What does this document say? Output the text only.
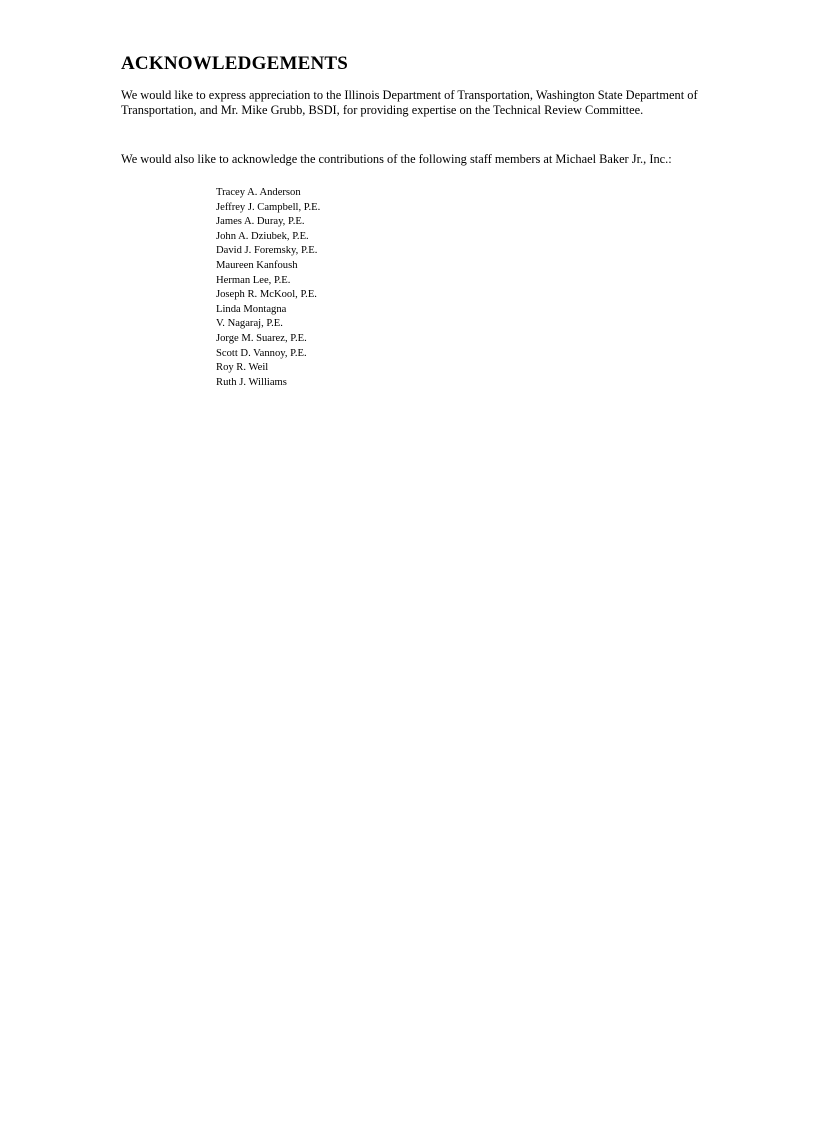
ACKNOWLEDGEMENTS

We would like to express appreciation to the Illinois Department of Transportation, Washington State Department of Transportation, and Mr. Mike Grubb, BSDI, for providing expertise on the Technical Review Committee.

We would also like to acknowledge the contributions of the following staff members at Michael Baker Jr., Inc.:

Tracey A. Anderson
Jeffrey J. Campbell, P.E.
James A. Duray, P.E.
John A. Dziubek, P.E.
David J. Foremsky, P.E.
Maureen Kanfoush
Herman Lee, P.E.
Joseph R. McKool, P.E.
Linda Montagna
V. Nagaraj, P.E.
Jorge M. Suarez, P.E.
Scott D. Vannoy, P.E.
Roy R. Weil
Ruth J. Williams
